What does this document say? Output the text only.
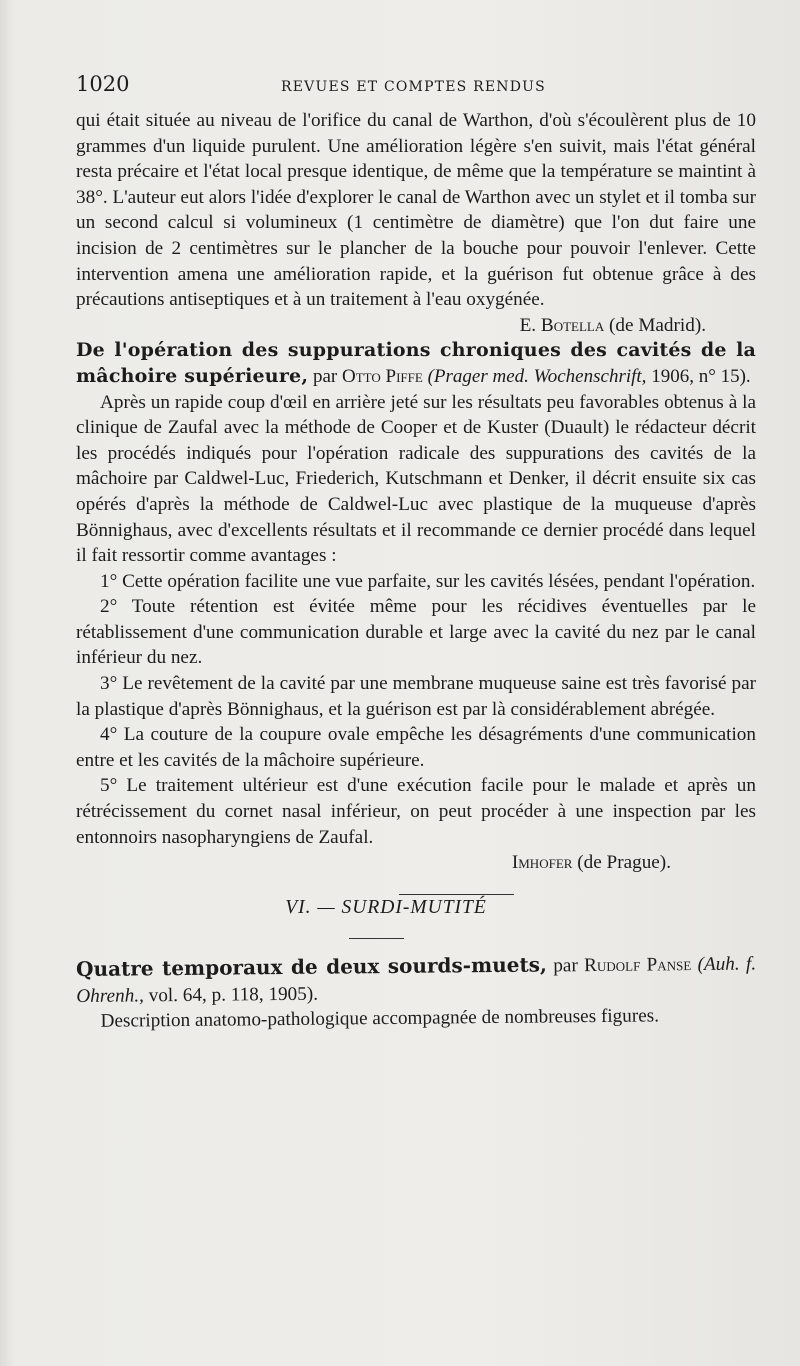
1020	REVUES ET COMPTES RENDUS

qui était située au niveau de l'orifice du canal de Warthon, d'où s'écoulèrent plus de 10 grammes d'un liquide purulent. Une amélioration légère s'en suivit, mais l'état général resta précaire et l'état local presque identique, de même que la température se maintint à 38°. L'auteur eut alors l'idée d'explorer le canal de Warthon avec un stylet et il tomba sur un second calcul si volumineux (1 centimètre de diamètre) que l'on dut faire une incision de 2 centimètres sur le plancher de la bouche pour pouvoir l'enlever. Cette intervention amena une amélioration rapide, et la guérison fut obtenue grâce à des précautions antiseptiques et à un traitement à l'eau oxygénée.

E. Botella (de Madrid).

De l'opération des suppurations chroniques des cavités de la mâchoire supérieure, par Otto Piffe (Prager med. Wochenschrift, 1906, n° 15).

Après un rapide coup d'œil en arrière jeté sur les résultats peu favorables obtenus à la clinique de Zaufal avec la méthode de Cooper et de Kuster (Duault) le rédacteur décrit les procédés indiqués pour l'opération radicale des suppurations des cavités de la mâchoire par Caldwel-Luc, Friederich, Kutschmann et Denker, il décrit ensuite six cas opérés d'après la méthode de Caldwel-Luc avec plastique de la muqueuse d'après Bönnighaus, avec d'excellents résultats et il recommande ce dernier procédé dans lequel il fait ressortir comme avantages :

1° Cette opération facilite une vue parfaite, sur les cavités lésées, pendant l'opération.

2° Toute rétention est évitée même pour les récidives éventuelles par le rétablissement d'une communication durable et large avec la cavité du nez par le canal inférieur du nez.

3° Le revêtement de la cavité par une membrane muqueuse saine est très favorisé par la plastique d'après Bönnighaus, et la guérison est par là considérablement abrégée.

4° La couture de la coupure ovale empêche les désagréments d'une communication entre et les cavités de la mâchoire supérieure.

5° Le traitement ultérieur est d'une exécution facile pour le malade et après un rétrécissement du cornet nasal inférieur, on peut procéder à une inspection par les entonnoirs nasopharyngiens de Zaufal.

Imhofer (de Prague).

VI. — SURDI-MUTITÉ

Quatre temporaux de deux sourds-muets, par Rudolf Panse (Auh. f. Ohrenh., vol. 64, p. 118, 1905).

Description anatomo-pathologique accompagnée de nombreuses figures.
